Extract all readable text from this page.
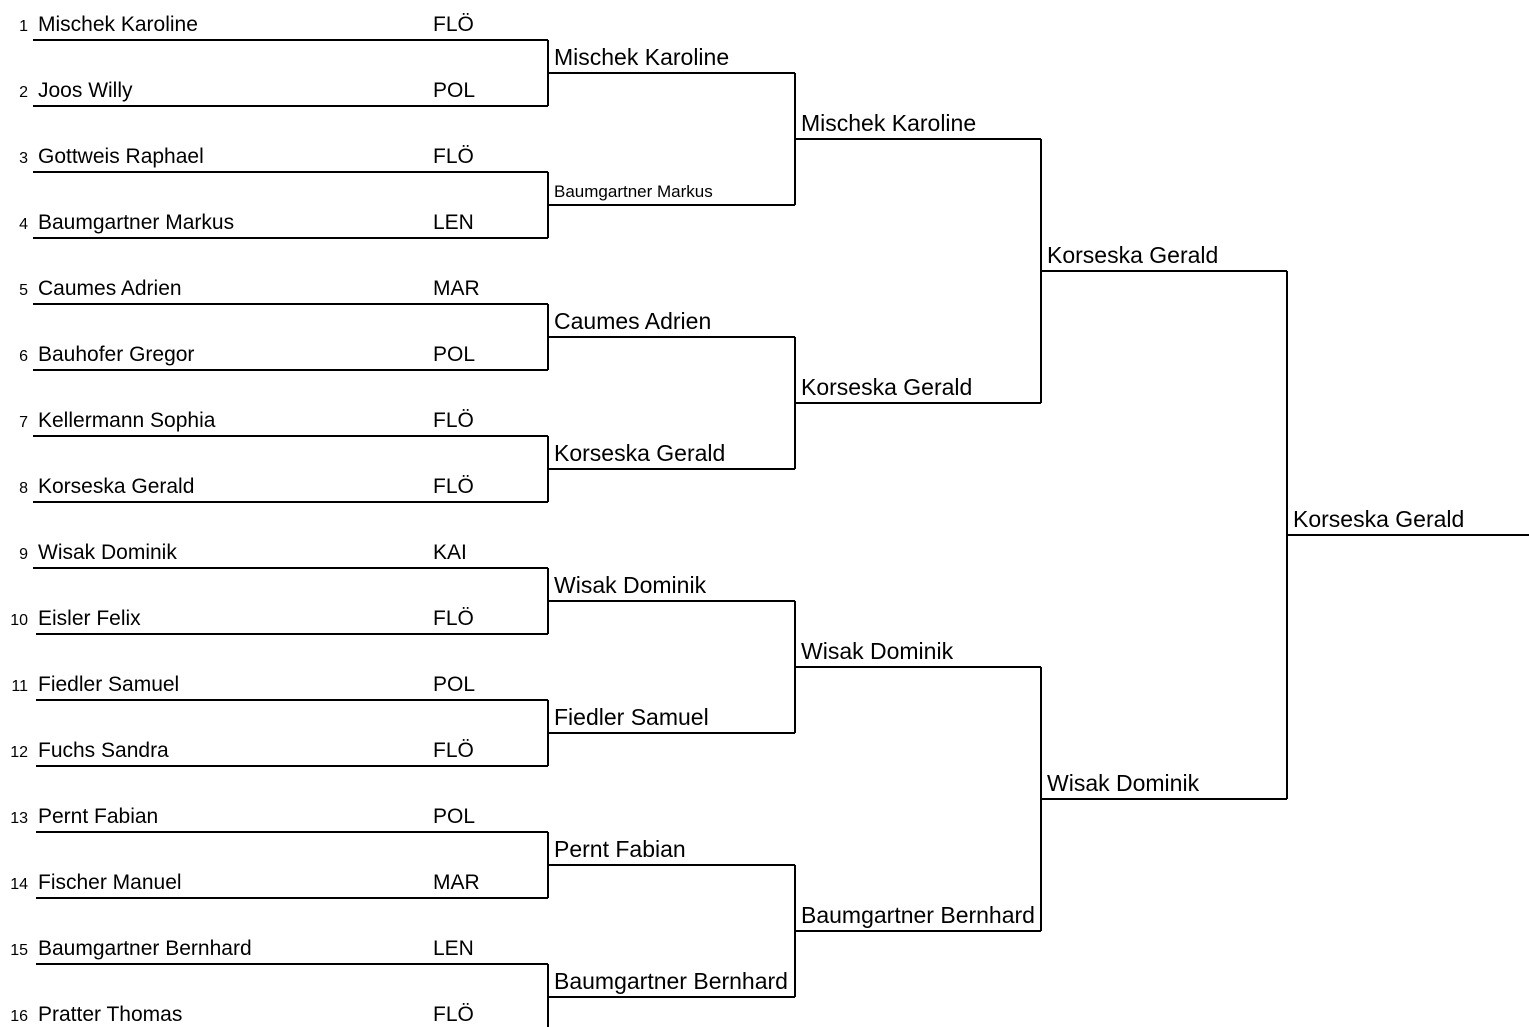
1 Mischek Karoline	FLÖ
2 Joos Willy	POL
3 Gottweis Raphael	FLÖ
4 Baumgartner Markus	LEN
5 Caumes Adrien	MAR
6 Bauhofer Gregor	POL
7 Kellermann Sophia	FLÖ
8 Korseska Gerald	FLÖ
9 Wisak Dominik	KAI
10 Eisler Felix	FLÖ
11 Fiedler Samuel	POL
12 Fuchs Sandra	FLÖ
13 Pernt Fabian	POL
14 Fischer Manuel	MAR
15 Baumgartner Bernhard	LEN
16 Pratter Thomas	FLÖ
Mischek Karoline
Baumgartner Markus
Caumes Adrien
Korseska Gerald
Wisak Dominik
Fiedler Samuel
Pernt Fabian
Baumgartner Bernhard
Mischek Karoline
Korseska Gerald
Wisak Dominik
Baumgartner Bernhard
Korseska Gerald
Wisak Dominik
Korseska Gerald
